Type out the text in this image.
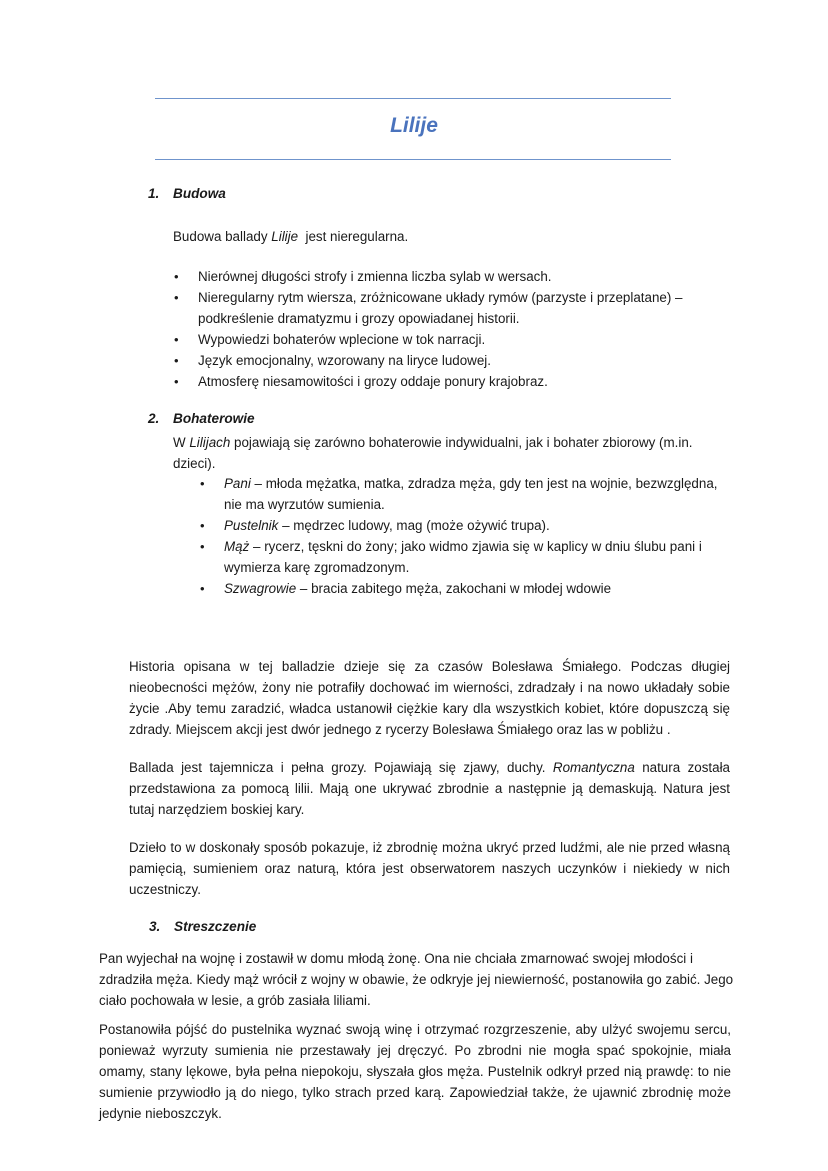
Lilije
1. Budowa
Budowa ballady Lilije  jest nieregularna.
• Nierównej długości strofy i zmienna liczba sylab w wersach.
• Nieregularny rytm wiersza, zróżnicowane układy rymów (parzyste i przeplatane) – podkreślenie dramatyzmu i grozy opowiadanej historii.
• Wypowiedzi bohaterów wplecione w tok narracji.
• Język emocjonalny, wzorowany na liryce ludowej.
• Atmosferę niesamowitości i grozy oddaje ponury krajobraz.
2. Bohaterowie
W Lilijach pojawiają się zarówno bohaterowie indywidualni, jak i bohater zbiorowy (m.in. dzieci).
• Pani – młoda mężatka, matka, zdradza męża, gdy ten jest na wojnie, bezwzględna, nie ma wyrzutów sumienia.
• Pustelnik – mędrzec ludowy, mag (może ożywić trupa).
• Mąż – rycerz, tęskni do żony; jako widmo zjawia się w kaplicy w dniu ślubu pani i wymierza karę zgromadzonym.
• Szwagrowie – bracia zabitego męża, zakochani w młodej wdowie
Historia opisana w tej balladzie dzieje się za czasów Bolesława Śmiałego. Podczas długiej nieobecności mężów, żony nie potrafiły dochować im wierności, zdradzały i na nowo układały sobie życie .Aby temu zaradzić, władca ustanowił ciężkie kary dla wszystkich kobiet, które dopuszczą się zdrady. Miejscem akcji jest dwór jednego z rycerzy Bolesława Śmiałego oraz las w pobliżu .
Ballada jest tajemnicza i pełna grozy. Pojawiają się zjawy, duchy. Romantyczna natura została przedstawiona za pomocą lilii. Mają one ukrywać zbrodnie a następnie ją demaskują. Natura jest tutaj narzędziem boskiej kary.
Dzieło to w doskonały sposób pokazuje, iż zbrodnię można ukryć przed ludźmi, ale nie przed własną pamięcią, sumieniem oraz naturą, która jest obserwatorem naszych uczynków i niekiedy w nich uczestniczy.
3. Streszczenie
Pan wyjechał na wojnę i zostawił w domu młodą żonę. Ona nie chciała zmarnować swojej młodości i zdradziła męża. Kiedy mąż wrócił z wojny w obawie, że odkryje jej niewierność, postanowiła go zabić. Jego ciało pochowała w lesie, a grób zasiała liliami.
Postanowiła pójść do pustelnika wyznać swoją winę i otrzymać rozgrzeszenie, aby ulżyć swojemu sercu, ponieważ wyrzuty sumienia nie przestawały jej dręczyć. Po zbrodni nie mogła spać spokojnie, miała omamy, stany lękowe, była pełna niepokoju, słyszała głos męża. Pustelnik odkrył przed nią prawdę: to nie sumienie przywiodło ją do niego, tylko strach przed karą. Zapowiedział także, że ujawnić zbrodnię może jedynie nieboszczyk.
